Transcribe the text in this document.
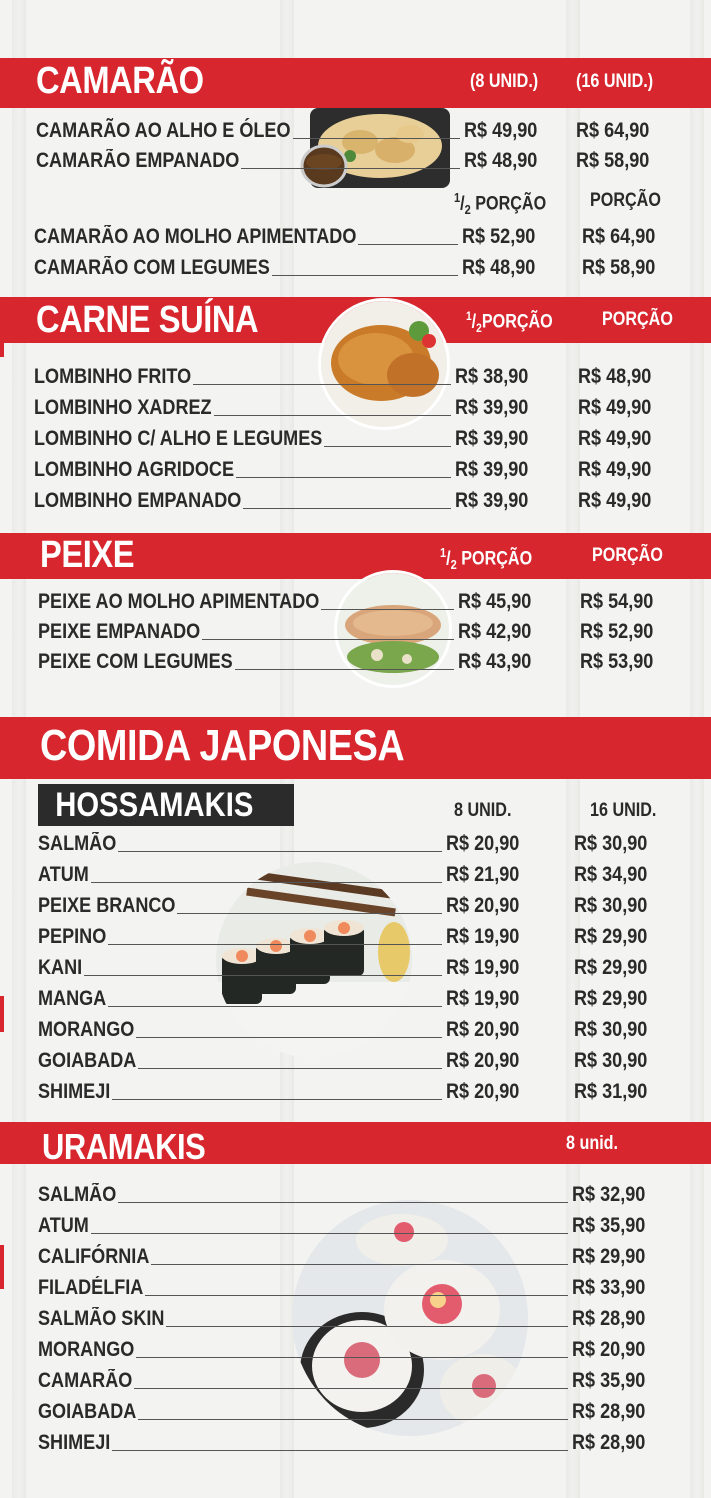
CAMARÃO	(8 UNID.) (16 UNID.)
CAMARÃO AO ALHO E ÓLEO	R$ 49,90 R$ 64,90
CAMARÃO EMPANADO	R$ 48,90 R$ 58,90
$^1/_2$ PORÇÃO PORÇÃO
CAMARÃO AO MOLHO APIMENTADO	R$ 52,90 R$ 64,90
CAMARÃO COM LEGUMES	R$ 48,90 R$ 58,90
CARNE SUÍNA	$^1/_2PORÇÃO$	PORÇÃO
LOMBINHO FRITO	R$ 38,90 R$ 48,90
LOMBINHO XADREZ	R$ 39,90 R$ 49,90
LOMBINHO C/ ALHO E LEGUMES	R$ 39,90 R$ 49,90
LOMBINHO AGRIDOCE	R$ 39,90 R$ 49,90
LOMBINHO EMPANADO	R$ 39,90 R$ 49,90
PEIXE	$^1/_2$ PORÇÃO	PORÇÃO
PEIXE AO MOLHO APIMENTADO	R$ 45,90 R$ 54,90
PEIXE EMPANADO	R$ 42,90 R$ 52,90
PEIXE COM LEGUMES	R$ 43,90 R$ 53,90
COMIDA JAPONESA
HOSSAMAKIS	8 UNID.	16 UNID.
SALMÃO	R$ 20,90	R$ 30,90
ATUM	R$ 21,90	R$ 34,90
PEIXE BRANCO	R$ 20,90	R$ 30,90
PEPINO	R$ 19,90	R$ 29,90
KANI	R$ 19,90	R$ 29,90
MANGA	R$ 19,90	R$ 29,90
MORANGO	R$ 20,90	R$ 30,90
GOIABADA	R$ 20,90	R$ 30,90
SHIMEJI	R$ 20,90	R$ 31,90
URAMAKIS	8 unid.
SALMÃO	R$ 32,90
ATUM	R$ 35,90
CALIFÓRNIA	R$ 29,90
FILADÉLFIA	R$ 33,90
SALMÃO SKIN	R$ 28,90
MORANGO	R$ 20,90
CAMARÃO	R$ 35,90
GOIABADA	R$ 28,90
SHIMEJI	R$ 28,90
